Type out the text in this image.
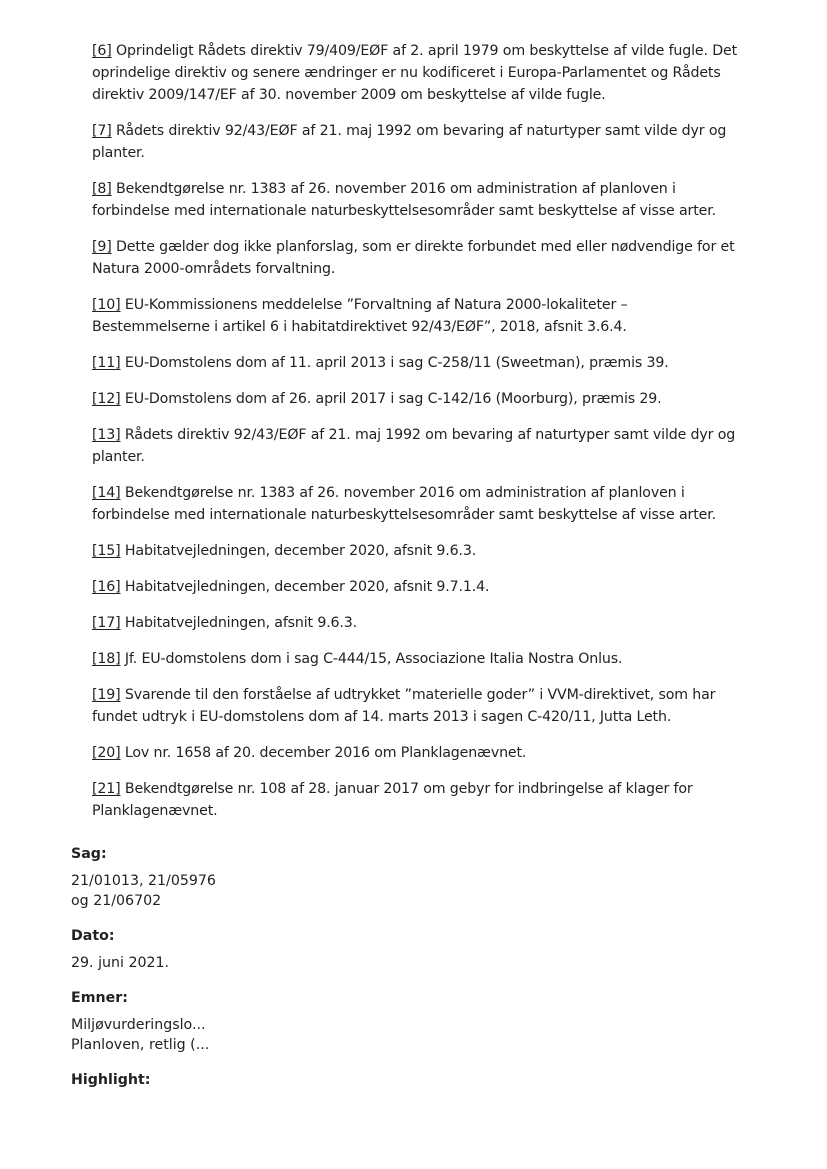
[6] Oprindeligt Rådets direktiv 79/409/EØF af 2. april 1979 om beskyttelse af vilde fugle. Det oprindelige direktiv og senere ændringer er nu kodificeret i Europa-Parlamentet og Rådets direktiv 2009/147/EF af 30. november 2009 om beskyttelse af vilde fugle.

[7] Rådets direktiv 92/43/EØF af 21. maj 1992 om bevaring af naturtyper samt vilde dyr og planter.

[8] Bekendtgørelse nr. 1383 af 26. november 2016 om administration af planloven i forbindelse med internationale naturbeskyttelsesområder samt beskyttelse af visse arter.

[9] Dette gælder dog ikke planforslag, som er direkte forbundet med eller nødvendige for et Natura 2000-områdets forvaltning.

[10] EU-Kommissionens meddelelse ”Forvaltning af Natura 2000-lokaliteter – Bestemmelserne i artikel 6 i habitatdirektivet 92/43/EØF”, 2018, afsnit 3.6.4.

[11] EU-Domstolens dom af 11. april 2013 i sag C-258/11 (Sweetman), præmis 39.

[12] EU-Domstolens dom af 26. april 2017 i sag C-142/16 (Moorburg), præmis 29.

[13] Rådets direktiv 92/43/EØF af 21. maj 1992 om bevaring af naturtyper samt vilde dyr og planter.

[14] Bekendtgørelse nr. 1383 af 26. november 2016 om administration af planloven i forbindelse med internationale naturbeskyttelsesområder samt beskyttelse af visse arter.

[15] Habitatvejledningen, december 2020, afsnit 9.6.3.

[16] Habitatvejledningen, december 2020, afsnit 9.7.1.4.

[17] Habitatvejledningen, afsnit 9.6.3.

[18] Jf. EU-domstolens dom i sag C-444/15, Associazione Italia Nostra Onlus.

[19] Svarende til den forståelse af udtrykket ”materielle goder” i VVM-direktivet, som har fundet udtryk i EU-domstolens dom af 14. marts 2013 i sagen C-420/11, Jutta Leth.

[20] Lov nr. 1658 af 20. december 2016 om Planklagenævnet.

[21] Bekendtgørelse nr. 108 af 28. januar 2017 om gebyr for indbringelse af klager for Planklagenævnet.

Sag:
21/01013, 21/05976
og 21/06702
Dato:
29. juni 2021.
Emner:
Miljøvurderingslo...
Planloven, retlig (...
Highlight:
